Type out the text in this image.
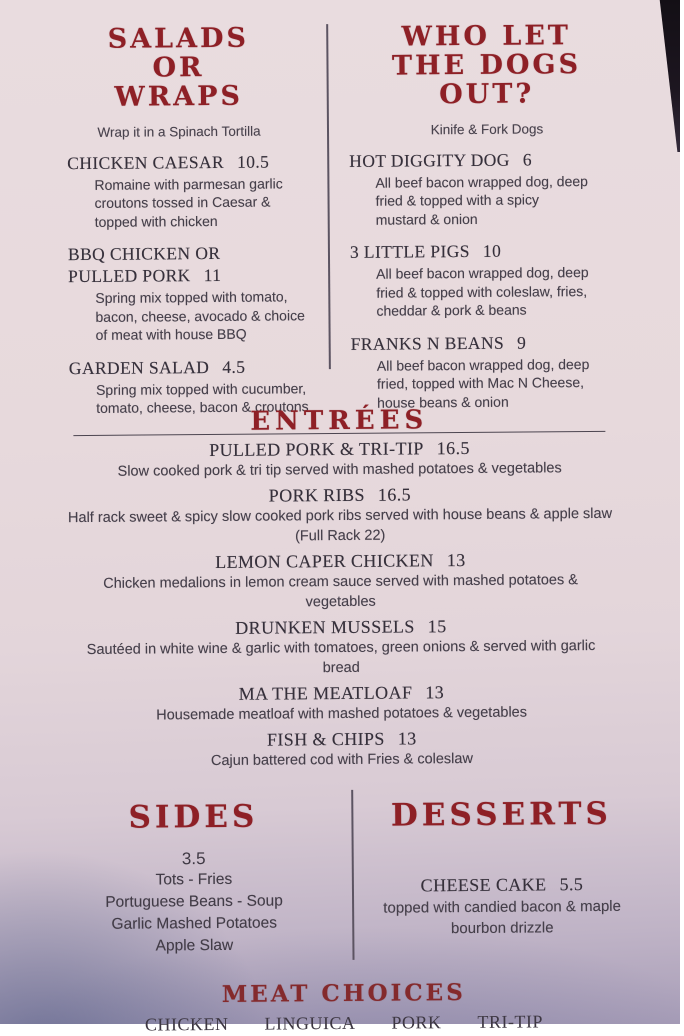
SALADS
OR
WRAPS
Wrap it in a Spinach Tortilla
CHICKEN CAESAR 10.5
Romaine with parmesan garlic croutons tossed in Caesar & topped with chicken
BBQ CHICKEN OR PULLED PORK 11
Spring mix topped with tomato, bacon, cheese, avocado & choice of meat with house BBQ
GARDEN SALAD 4.5
Spring mix topped with cucumber, tomato, cheese, bacon & croutons
WHO LET
THE DOGS
OUT?
Kinife & Fork Dogs
HOT DIGGITY DOG 6
All beef bacon wrapped dog, deep fried & topped with a spicy mustard & onion
3 LITTLE PIGS 10
All beef bacon wrapped dog, deep fried & topped with coleslaw, fries, cheddar & pork & beans
FRANKS N BEANS 9
All beef bacon wrapped dog, deep fried, topped with Mac N Cheese, house beans & onion
ENTRÉES
PULLED PORK & TRI-TIP 16.5
Slow cooked pork & tri tip served with mashed potatoes & vegetables
PORK RIBS 16.5
Half rack sweet & spicy slow cooked pork ribs served with house beans & apple slaw
(Full Rack 22)
LEMON CAPER CHICKEN 13
Chicken medalions in lemon cream sauce served with mashed potatoes & vegetables
DRUNKEN MUSSELS 15
Sautéed in white wine & garlic with tomatoes, green onions & served with garlic bread
MA THE MEATLOAF 13
Housemade meatloaf with mashed potatoes & vegetables
FISH & CHIPS 13
Cajun battered cod with Fries & coleslaw
SIDES
3.5
Tots - Fries
Portuguese Beans - Soup
Garlic Mashed Potatoes
Apple Slaw
DESSERTS
CHEESE CAKE 5.5
topped with candied bacon & maple bourbon drizzle
MEAT CHOICES
CHICKEN LINGUICA PORK TRI-TIP
